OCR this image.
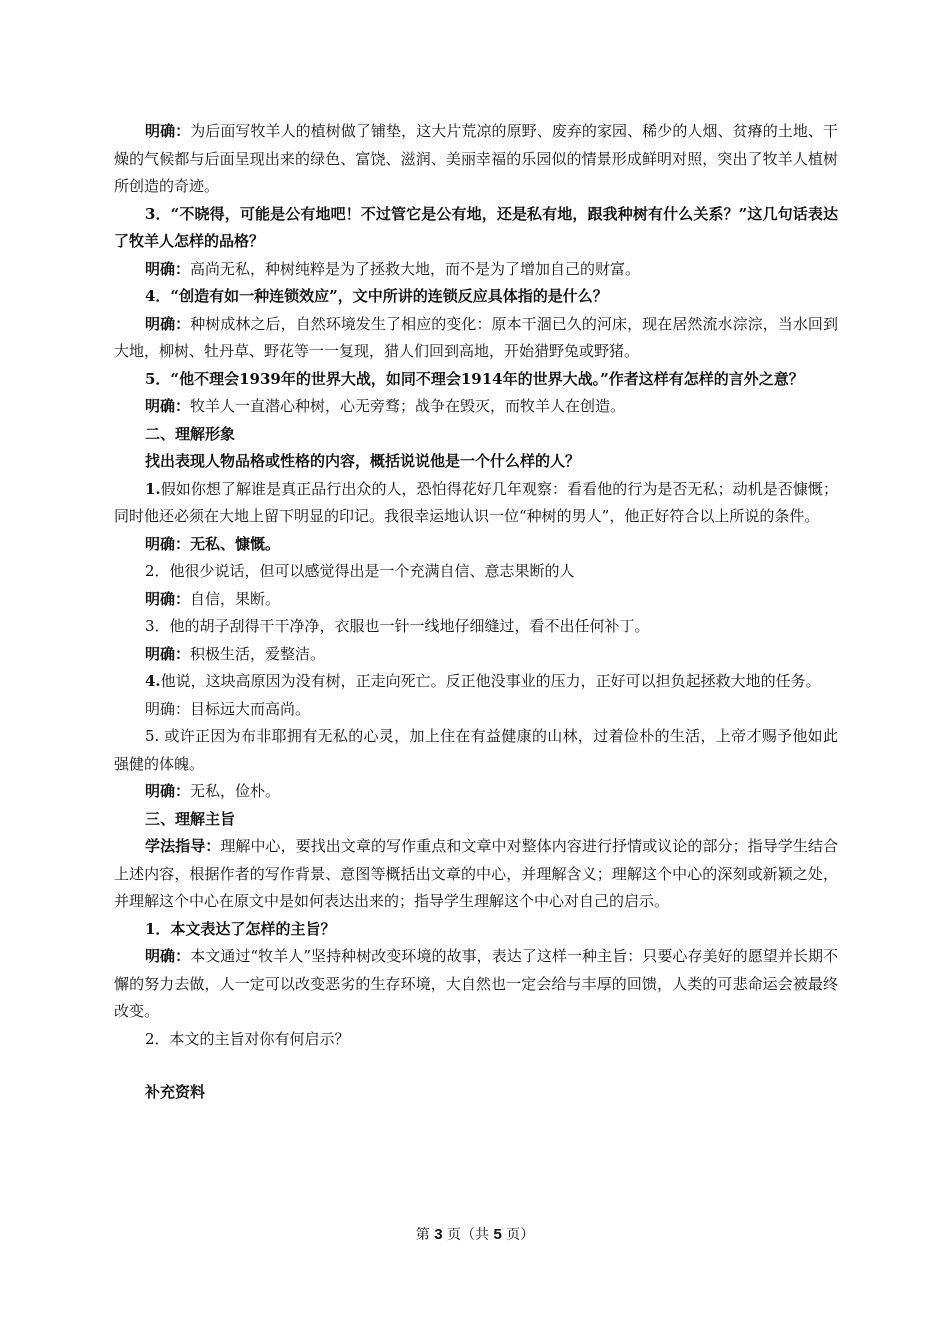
明确：为后面写牧羊人的植树做了铺垫，这大片荒凉的原野、废弃的家园、稀少的人烟、贫瘠的土地、干燥的气候都与后面呈现出来的绿色、富饶、滋润、美丽幸福的乐园似的情景形成鲜明对照，突出了牧羊人植树所创造的奇迹。

3．“不晓得，可能是公有地吧！不过管它是公有地，还是私有地，跟我种树有什么关系？”这几句话表达了牧羊人怎样的品格？

明确：高尚无私，种树纯粹是为了拯救大地，而不是为了增加自己的财富。

4．“创造有如一种连锁效应”，文中所讲的连锁反应具体指的是什么？

明确：种树成林之后，自然环境发生了相应的变化：原本干涸已久的河床，现在居然流水淙淙，当水回到大地，柳树、牡丹草、野花等一一复现，猎人们回到高地，开始猎野兔或野猪。

5．“他不理会1939年的世界大战，如同不理会1914年的世界大战。”作者这样有怎样的言外之意？

明确：牧羊人一直潜心种树，心无旁骛；战争在毁灭，而牧羊人在创造。

二、理解形象

找出表现人物品格或性格的内容，概括说说他是一个什么样的人？

1.假如你想了解谁是真正品行出众的人，恐怕得花好几年观察：看看他的行为是否无私；动机是否慷慨；同时他还必须在大地上留下明显的印记。我很幸运地认识一位“种树的男人”，他正好符合以上所说的条件。

明确：无私、慷慨。

2．他很少说话，但可以感觉得出是一个充满自信、意志果断的人

明确：自信，果断。

3．他的胡子刮得干干净净，衣服也一针一线地仔细缝过，看不出任何补丁。

明确：积极生活，爱整洁。

4.他说，这块高原因为没有树，正走向死亡。反正他没事业的压力，正好可以担负起拯救大地的任务。

明确：目标远大而高尚。

5. 或许正因为布非耶拥有无私的心灵，加上住在有益健康的山林，过着俭朴的生活，上帝才赐予他如此强健的体魄。

明确：无私，俭朴。

三、理解主旨

学法指导：理解中心，要找出文章的写作重点和文章中对整体内容进行抒情或议论的部分；指导学生结合上述内容，根据作者的写作背景、意图等概括出文章的中心，并理解含义；理解这个中心的深刻或新颖之处，并理解这个中心在原文中是如何表达出来的；指导学生理解这个中心对自己的启示。

1．本文表达了怎样的主旨？

明确：本文通过“牧羊人”坚持种树改变环境的故事，表达了这样一种主旨：只要心存美好的愿望并长期不懈的努力去做，人一定可以改变恶劣的生存环境，大自然也一定会给与丰厚的回馈，人类的可悲命运会被最终改变。

2．本文的主旨对你有何启示？

补充资料

第 3 页（共 5 页）
